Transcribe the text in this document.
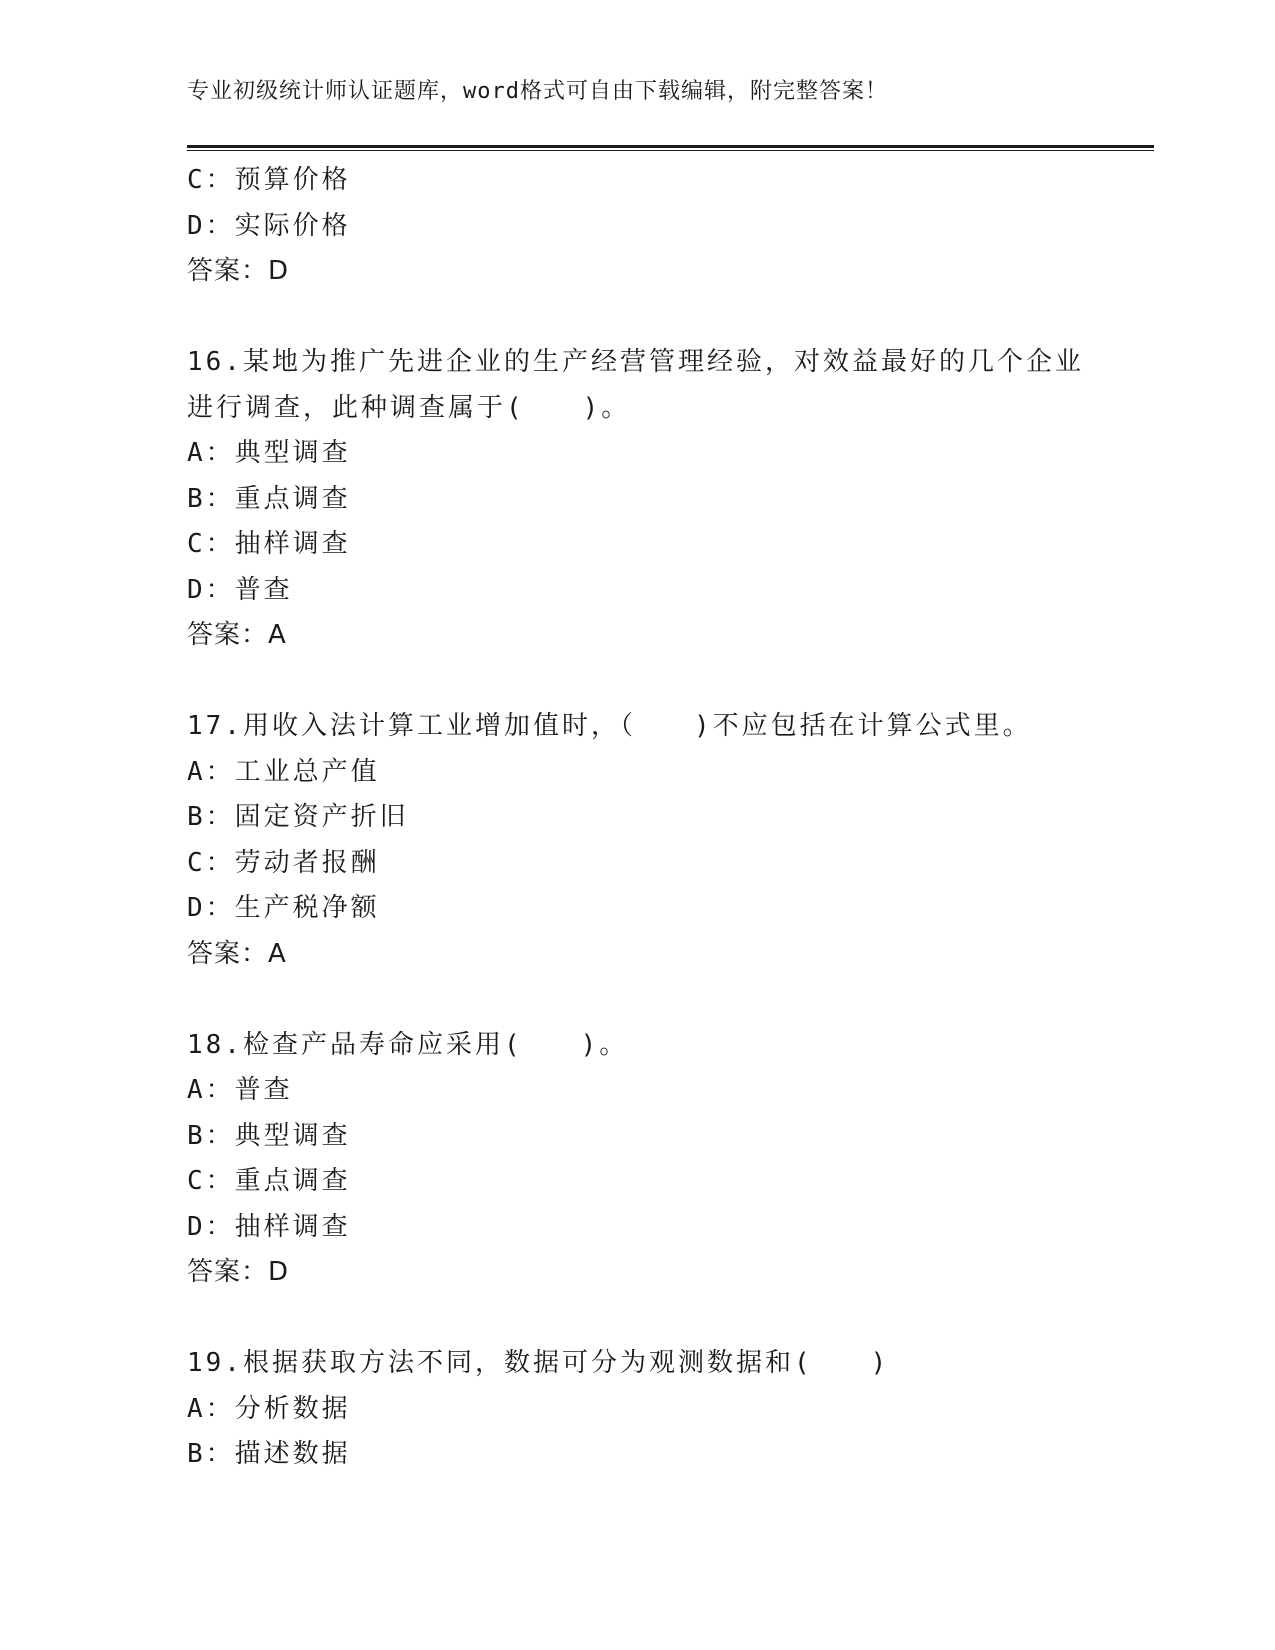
专业初级统计师认证题库，word格式可自由下载编辑，附完整答案！
C：预算价格
D：实际价格
答案：D
16.某地为推广先进企业的生产经营管理经验，对效益最好的几个企业
进行调查，此种调查属于(　　)。
A：典型调查
B：重点调查
C：抽样调查
D：普查
答案：A
17.用收入法计算工业增加值时，（　　)不应包括在计算公式里。
A：工业总产值
B：固定资产折旧
C：劳动者报酬
D：生产税净额
答案：A
18.检查产品寿命应采用(　　)。
A：普查
B：典型调查
C：重点调查
D：抽样调查
答案：D
19.根据获取方法不同，数据可分为观测数据和(　　)
A：分析数据
B：描述数据
